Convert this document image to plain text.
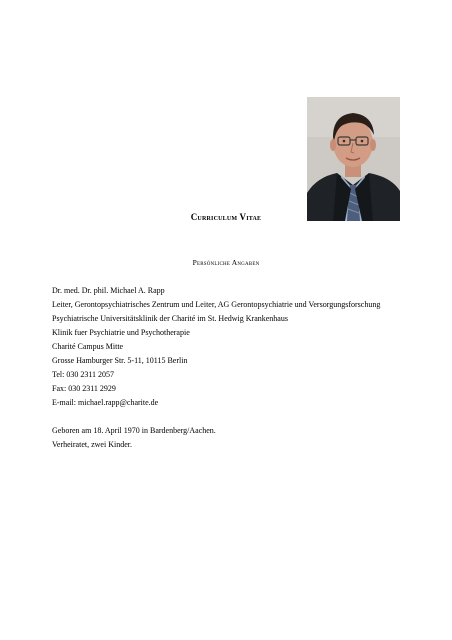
Curriculum Vitae
Persönliche Angaben
Dr. med. Dr. phil. Michael A. Rapp
Leiter, Gerontopsychiatrisches Zentrum und Leiter, AG Gerontopsychiatrie und Versorgungsforschung
Psychiatrische Universitätsklinik der Charité im St. Hedwig Krankenhaus
Klinik fuer Psychiatrie und Psychotherapie
Charité Campus Mitte
Grosse Hamburger Str. 5-11, 10115 Berlin
Tel: 030 2311 2057
Fax: 030 2311 2929
E-mail: michael.rapp@charite.de
Geboren am 18. April 1970 in Bardenberg/Aachen.
Verheiratet, zwei Kinder.
